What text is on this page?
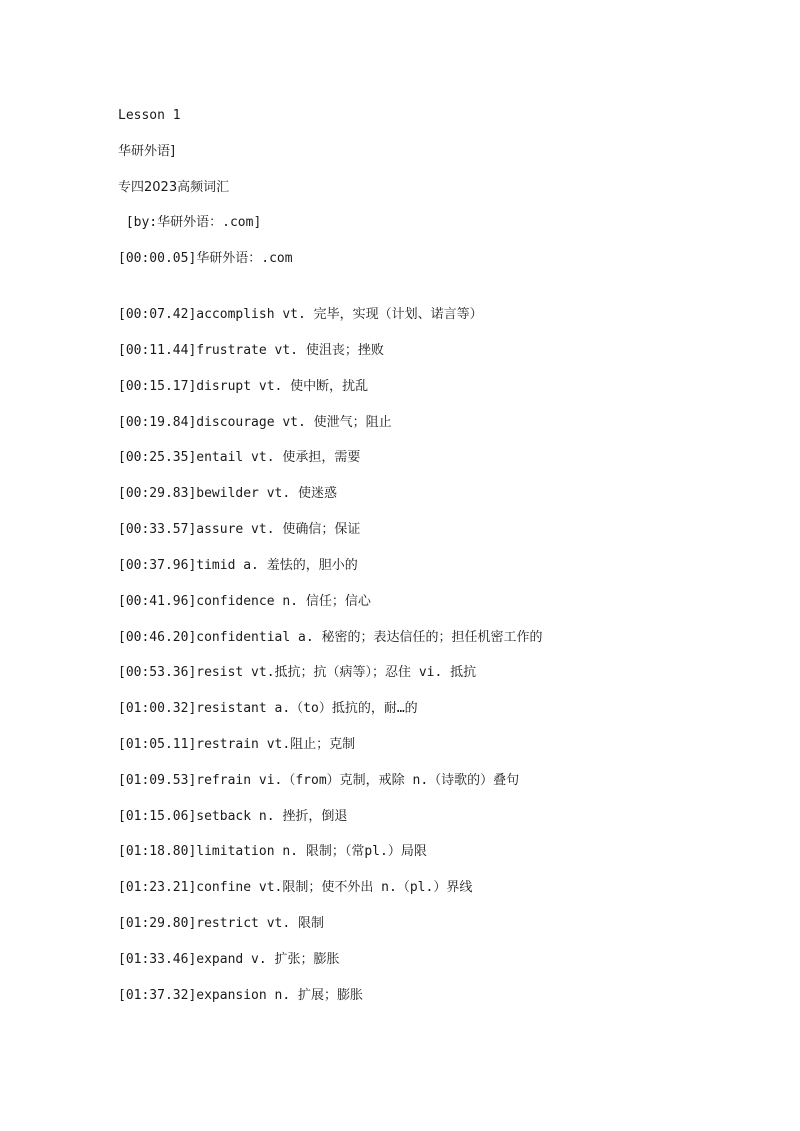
Lesson 1
华研外语]
专四2023高频词汇
[by:华研外语：.com]
[00:00.05]华研外语：.com
[00:07.42]accomplish vt. 完毕，实现（计划、诺言等）
[00:11.44]frustrate vt. 使沮丧；挫败
[00:15.17]disrupt vt. 使中断，扰乱
[00:19.84]discourage vt. 使泄气；阻止
[00:25.35]entail vt. 使承担，需要
[00:29.83]bewilder vt. 使迷惑
[00:33.57]assure vt. 使确信；保证
[00:37.96]timid a. 羞怯的，胆小的
[00:41.96]confidence n. 信任；信心
[00:46.20]confidential a. 秘密的；表达信任的；担任机密工作的
[00:53.36]resist vt.抵抗；抗（病等）；忍住 vi. 抵抗
[01:00.32]resistant a.（to）抵抗的，耐…的
[01:05.11]restrain vt.阻止；克制
[01:09.53]refrain vi.（from）克制，戒除 n.（诗歌的）叠句
[01:15.06]setback n. 挫折，倒退
[01:18.80]limitation n. 限制；（常pl.）局限
[01:23.21]confine vt.限制；使不外出 n.（pl.）界线
[01:29.80]restrict vt. 限制
[01:33.46]expand v. 扩张；膨胀
[01:37.32]expansion n. 扩展；膨胀
